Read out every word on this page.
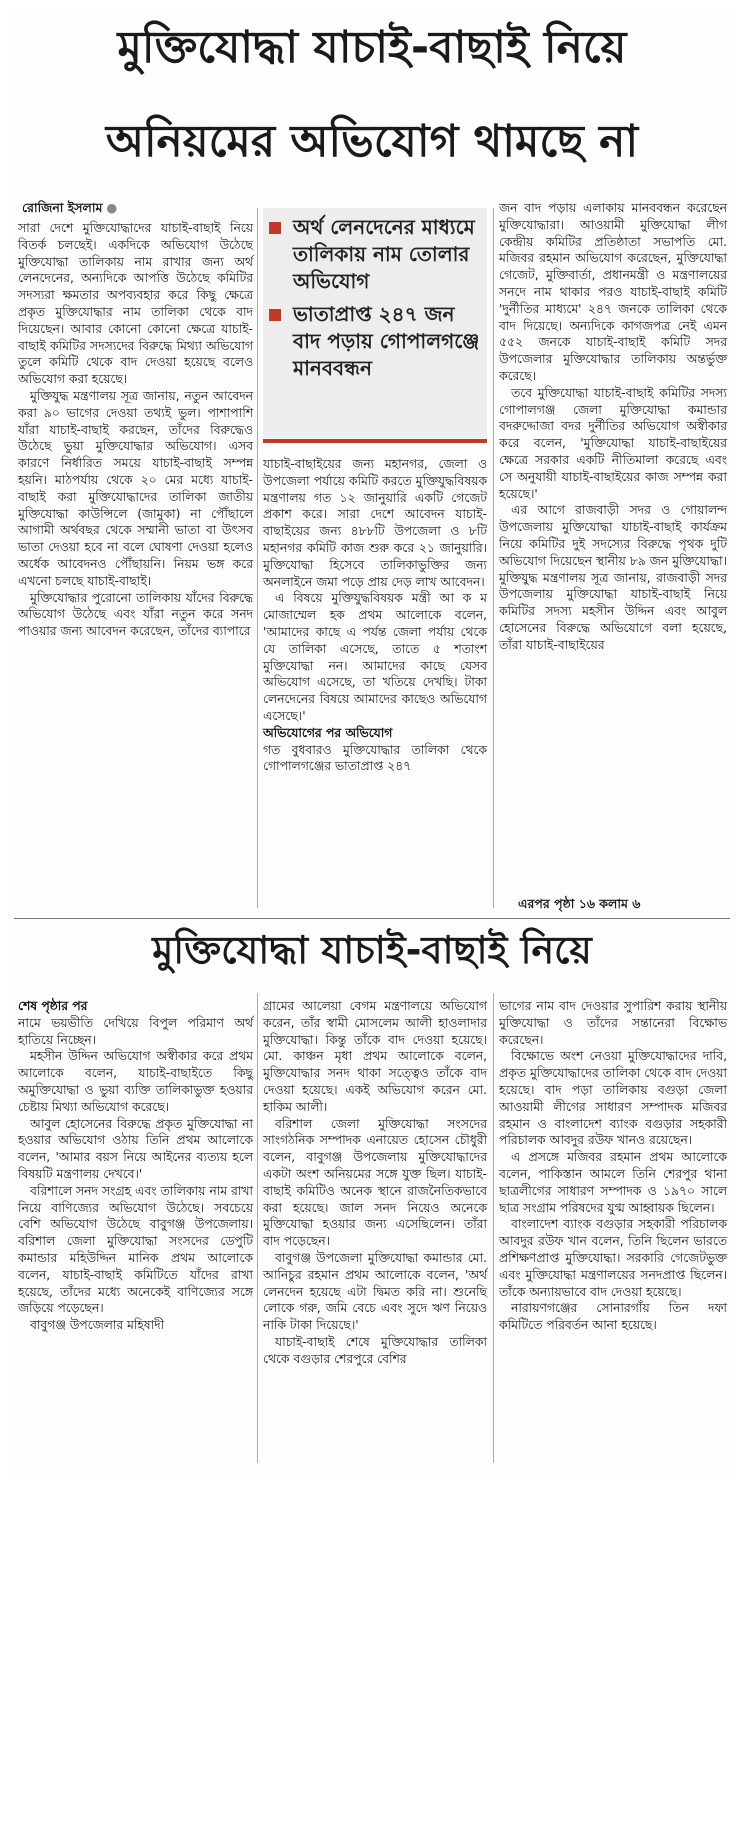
মুক্তিযোদ্ধা যাচাই-বাছাই নিয়ে
অনিয়মের অভিযোগ থামছে না
রোজিনা ইসলাম ●

সারা দেশে মুক্তিযোদ্ধাদের যাচাই-বাছাই নিয়ে বিতর্ক চলছেই। একদিকে অভিযোগ উঠেছে মুক্তিযোদ্ধা তালিকায় নাম রাখার জন্য অর্থ লেনদেনের, অন্যদিকে আপত্তি উঠেছে কমিটির সদস্যরা ক্ষমতার অপব্যবহার করে কিছু ক্ষেত্রে প্রকৃত মুক্তিযোদ্ধার নাম তালিকা থেকে বাদ দিয়েছেন। আবার কোনো কোনো ক্ষেত্রে যাচাই-বাছাই কমিটির সদস্যদের বিরুদ্ধে মিথ্যা অভিযোগ তুলে কমিটি থেকে বাদ দেওয়া হয়েছে বলেও অভিযোগ করা হয়েছে।

মুক্তিযুদ্ধ মন্ত্রণালয় সূত্র জানায়, নতুন আবেদন করা ৯০ ভাগের দেওয়া তথ্যই ভুল। পাশাপাশি যাঁরা যাচাই-বাছাই করছেন, তাঁদের বিরুদ্ধেও উঠেছে ভুয়া মুক্তিযোদ্ধার অভিযোগ। এসব কারণে নির্ধারিত সময়ে যাচাই-বাছাই সম্পন্ন হয়নি। মাঠপর্যায় থেকে ২০ মের মধ্যে যাচাই-বাছাই করা মুক্তিযোদ্ধাদের তালিকা জাতীয় মুক্তিযোদ্ধা কাউন্সিলে (জামুকা) না পৌঁছালে আগামী অর্থবছর থেকে সম্মানী ভাতা বা উৎসব ভাতা দেওয়া হবে না বলে ঘোষণা দেওয়া হলেও অর্ধেক আবেদনও পৌঁছায়নি। নিয়ম ভঙ্গ করে এখনো চলছে যাচাই-বাছাই।

মুক্তিযোদ্ধার পুরোনো তালিকায় যাঁদের বিরুদ্ধে অভিযোগ উঠেছে এবং যাঁরা নতুন করে সনদ পাওয়ার জন্য আবেদন করেছেন, তাঁদের ব্যাপারে

অর্থ লেনদেনের মাধ্যমে তালিকায় নাম তোলার অভিযোগ
ভাতাপ্রাপ্ত ২৪৭ জন বাদ পড়ায় গোপালগঞ্জে মানববন্ধন

যাচাই-বাছাইয়ের জন্য মহানগর, জেলা ও উপজেলা পর্যায়ে কমিটি করতে মুক্তিযুদ্ধবিষয়ক মন্ত্রণালয় গত ১২ জানুয়ারি একটি গেজেট প্রকাশ করে। সারা দেশে আবেদন যাচাই-বাছাইয়ের জন্য ৪৮৮টি উপজেলা ও ৮টি মহানগর কমিটি কাজ শুরু করে ২১ জানুয়ারি। মুক্তিযোদ্ধা হিসেবে তালিকাভুক্তির জন্য অনলাইনে জমা পড়ে প্রায় দেড় লাখ আবেদন।

এ বিষয়ে মুক্তিযুদ্ধবিষয়ক মন্ত্রী আ ক ম মোজাম্মেল হক প্রথম আলোকে বলেন, 'আমাদের কাছে এ পর্যন্ত জেলা পর্যায় থেকে যে তালিকা এসেছে, তাতে ৫ শতাংশ মুক্তিযোদ্ধা নন। আমাদের কাছে যেসব অভিযোগ এসেছে, তা খতিয়ে দেখছি। টাকা লেনদেনের বিষয়ে আমাদের কাছেও অভিযোগ এসেছে।'

অভিযোগের পর অভিযোগ

গত বুধবারও মুক্তিযোদ্ধার তালিকা থেকে গোপালগঞ্জের ভাতাপ্রাপ্ত ২৪৭

জন বাদ পড়ায় এলাকায় মানববন্ধন করেছেন মুক্তিযোদ্ধারা। আওয়ামী মুক্তিযোদ্ধা লীগ কেন্দ্রীয় কমিটির প্রতিষ্ঠাতা সভাপতি মো. মজিবর রহমান অভিযোগ করেছেন, মুক্তিযোদ্ধা গেজেট, মুক্তিবার্তা, প্রধানমন্ত্রী ও মন্ত্রণালয়ের সনদে নাম থাকার পরও যাচাই-বাছাই কমিটি 'দুর্নীতির মাধ্যমে' ২৪৭ জনকে তালিকা থেকে বাদ দিয়েছে। অন্যদিকে কাগজপত্র নেই এমন ৫৫২ জনকে যাচাই-বাছাই কমিটি সদর উপজেলার মুক্তিযোদ্ধার তালিকায় অন্তর্ভুক্ত করেছে।

তবে মুক্তিযোদ্ধা যাচাই-বাছাই কমিটির সদস্য গোপালগঞ্জ জেলা মুক্তিযোদ্ধা কমান্ডার বদরুদ্দোজা বদর দুর্নীতির অভিযোগ অস্বীকার করে বলেন, 'মুক্তিযোদ্ধা যাচাই-বাছাইয়ের ক্ষেত্রে সরকার একটি নীতিমালা করেছে এবং সে অনুযায়ী যাচাই-বাছাইয়ের কাজ সম্পন্ন করা হয়েছে।'

এর আগে রাজবাড়ী সদর ও গোয়ালন্দ উপজেলায় মুক্তিযোদ্ধা যাচাই-বাছাই কার্যক্রম নিয়ে কমিটির দুই সদস্যের বিরুদ্ধে পৃথক দুটি অভিযোগ দিয়েছেন স্থানীয় ৮৯ জন মুক্তিযোদ্ধা। মুক্তিযুদ্ধ মন্ত্রণালয় সূত্র জানায়, রাজবাড়ী সদর উপজেলায় মুক্তিযোদ্ধা যাচাই-বাছাই নিয়ে কমিটির সদস্য মহসীন উদ্দিন এবং আবুল হোসেনের বিরুদ্ধে অভিযোগে বলা হয়েছে, তাঁরা যাচাই-বাছাইয়ের

এরপর পৃষ্ঠা ১৬ কলাম ৬
মুক্তিযোদ্ধা যাচাই-বাছাই নিয়ে

শেষ পৃষ্ঠার পর

নামে ভয়ভীতি দেখিয়ে বিপুল পরিমাণ অর্থ হাতিয়ে নিচ্ছেন।

মহসীন উদ্দিন অভিযোগ অস্বীকার করে প্রথম আলোকে বলেন, যাচাই-বাছাইতে কিছু অমুক্তিযোদ্ধা ও ভুয়া ব্যক্তি তালিকাভুক্ত হওয়ার চেষ্টায় মিথ্যা অভিযোগ করেছে।

আবুল হোসেনের বিরুদ্ধে প্রকৃত মুক্তিযোদ্ধা না হওয়ার অভিযোগ ওঠায় তিনি প্রথম আলোকে বলেন, 'আমার বয়স নিয়ে আইনের ব্যত্যয় হলে বিষয়টি মন্ত্রণালয় দেখবে।'

বরিশালে সনদ সংগ্রহ এবং তালিকায় নাম রাখা নিয়ে বাণিজ্যের অভিযোগ উঠেছে। সবচেয়ে বেশি অভিযোগ উঠেছে বাবুগঞ্জ উপজেলায়। বরিশাল জেলা মুক্তিযোদ্ধা সংসদের ডেপুটি কমান্ডার মহিউদ্দিন মানিক প্রথম আলোকে বলেন, যাচাই-বাছাই কমিটিতে যাঁদের রাখা হয়েছে, তাঁদের মধ্যে অনেকেই বাণিজ্যের সঙ্গে জড়িয়ে পড়েছেন।

বাবুগঞ্জ উপজেলার মহিষাদী

গ্রামের আলেয়া বেগম মন্ত্রণালয়ে অভিযোগ করেন, তাঁর স্বামী মোসলেম আলী হাওলাদার মুক্তিযোদ্ধা। কিন্তু তাঁকে বাদ দেওয়া হয়েছে। মো. কাঞ্চন মৃধা প্রথম আলোকে বলেন, মুক্তিযোদ্ধার সনদ থাকা সত্ত্বেও তাঁকে বাদ দেওয়া হয়েছে। একই অভিযোগ করেন মো. হাকিম আলী।

বরিশাল জেলা মুক্তিযোদ্ধা সংসদের সাংগঠনিক সম্পাদক এনায়েত হোসেন চৌধুরী বলেন, বাবুগঞ্জ উপজেলায় মুক্তিযোদ্ধাদের একটা অংশ অনিয়মের সঙ্গে যুক্ত ছিল। যাচাই-বাছাই কমিটিও অনেক স্থানে রাজনৈতিকভাবে করা হয়েছে। জাল সনদ নিয়েও অনেকে মুক্তিযোদ্ধা হওয়ার জন্য এসেছিলেন। তাঁরা বাদ পড়েছেন।

বাবুগঞ্জ উপজেলা মুক্তিযোদ্ধা কমান্ডার মো. আনিচুর রহমান প্রথম আলোকে বলেন, 'অর্থ লেনদেন হয়েছে এটা দ্বিমত করি না। শুনেছি লোকে গরু, জমি বেচে এবং সুদে ঋণ নিয়েও নাকি টাকা দিয়েছে।'

যাচাই-বাছাই শেষে মুক্তিযোদ্ধার তালিকা থেকে বগুড়ার শেরপুরে বেশির

ভাগের নাম বাদ দেওয়ার সুপারিশ করায় স্থানীয় মুক্তিযোদ্ধা ও তাঁদের সন্তানেরা বিক্ষোভ করেছেন।

বিক্ষোভে অংশ নেওয়া মুক্তিযোদ্ধাদের দাবি, প্রকৃত মুক্তিযোদ্ধাদের তালিকা থেকে বাদ দেওয়া হয়েছে। বাদ পড়া তালিকায় বগুড়া জেলা আওয়ামী লীগের সাধারণ সম্পাদক মজিবর রহমান ও বাংলাদেশ ব্যাংক বগুড়ার সহকারী পরিচালক আবদুর রউফ খানও রয়েছেন।

এ প্রসঙ্গে মজিবর রহমান প্রথম আলোকে বলেন, পাকিস্তান আমলে তিনি শেরপুর থানা ছাত্রলীগের সাধারণ সম্পাদক ও ১৯৭০ সালে ছাত্র সংগ্রাম পরিষদের যুগ্ম আহ্বায়ক ছিলেন।

বাংলাদেশ ব্যাংক বগুড়ার সহকারী পরিচালক আবদুর রউফ খান বলেন, তিনি ছিলেন ভারতে প্রশিক্ষণপ্রাপ্ত মুক্তিযোদ্ধা। সরকারি গেজেটভুক্ত এবং মুক্তিযোদ্ধা মন্ত্রণালয়ের সনদপ্রাপ্ত ছিলেন। তাঁকে অন্যায়ভাবে বাদ দেওয়া হয়েছে।

নারায়ণগঞ্জের সোনারগাঁয় তিন দফা কমিটিতে পরিবর্তন আনা হয়েছে।
